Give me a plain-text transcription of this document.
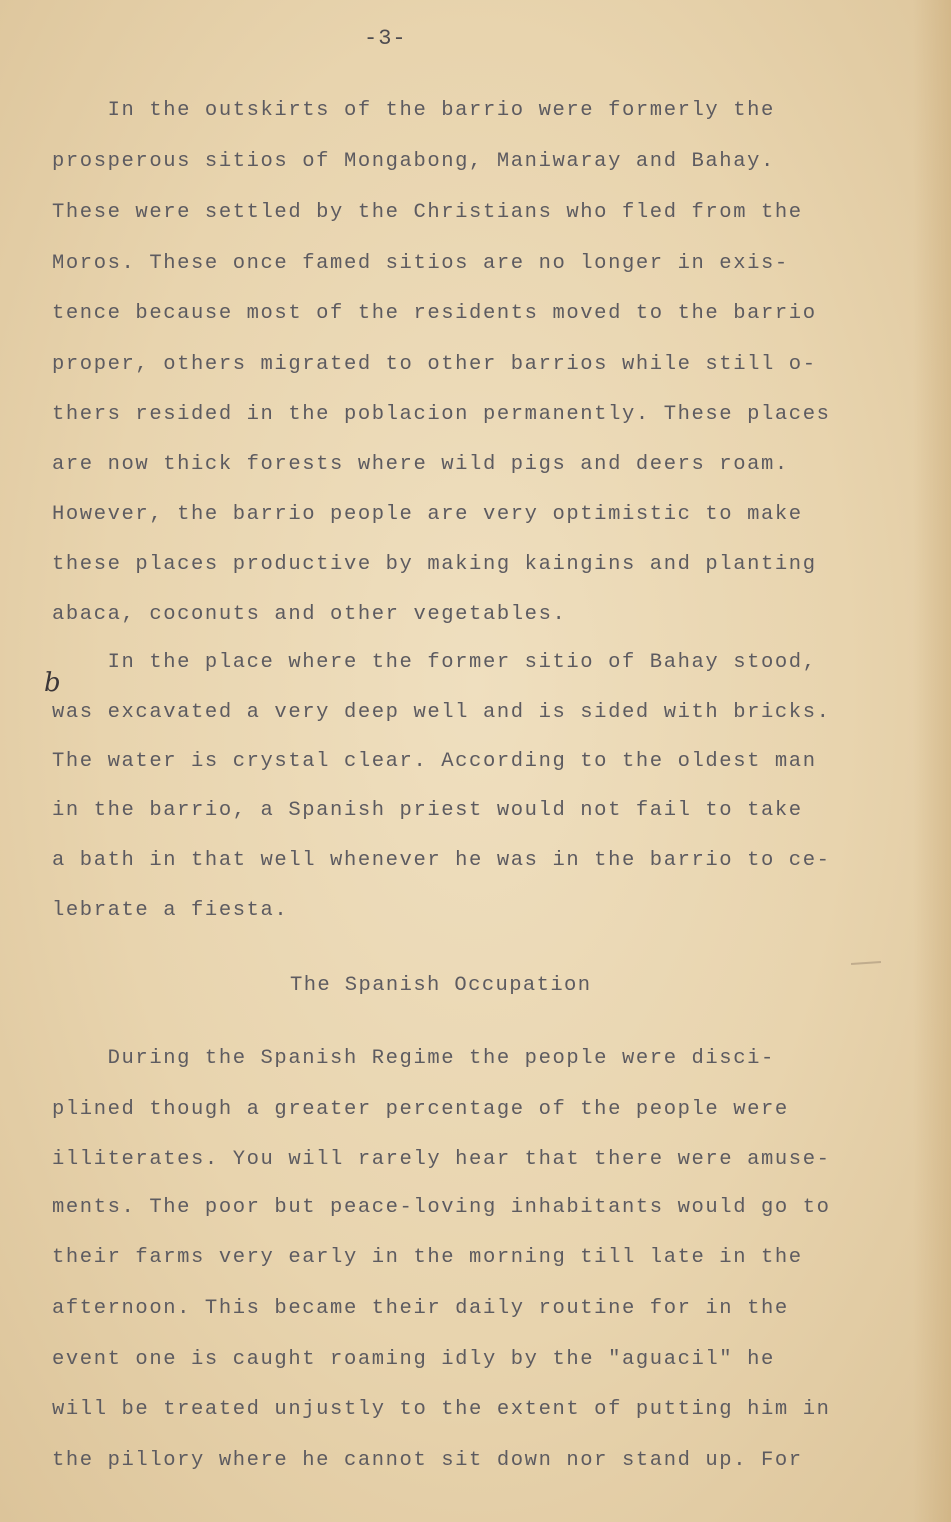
-3-
In the outskirts of the barrio were formerly the
prosperous sitios of Mongabong, Maniwaray and Bahay.
These were settled by the Christians who fled from the
Moros. These once famed sitios are no longer in exis-
tence because most of the residents moved to the barrio
proper, others migrated to other barrios while still o-
thers resided in the poblacion permanently. These places
are now thick forests where wild pigs and deers roam.
However, the barrio people are very optimistic to make
these places productive by making kaingins and planting
abaca, coconuts and other vegetables.
b
In the place where the former sitio of Bahay stood,
was excavated a very deep well and is sided with bricks.
The water is crystal clear. According to the oldest man
in the barrio, a Spanish priest would not fail to take
a bath in that well whenever he was in the barrio to ce-
lebrate a fiesta.
The Spanish Occupation
During the Spanish Regime the people were disci-
plined though a greater percentage of the people were
illiterates. You will rarely hear that there were amuse-
ments. The poor but peace-loving inhabitants would go to
their farms very early in the morning till late in the
afternoon. This became their daily routine for in the
event one is caught roaming idly by the "aguacil" he
will be treated unjustly to the extent of putting him in
the pillory where he cannot sit down nor stand up. For
